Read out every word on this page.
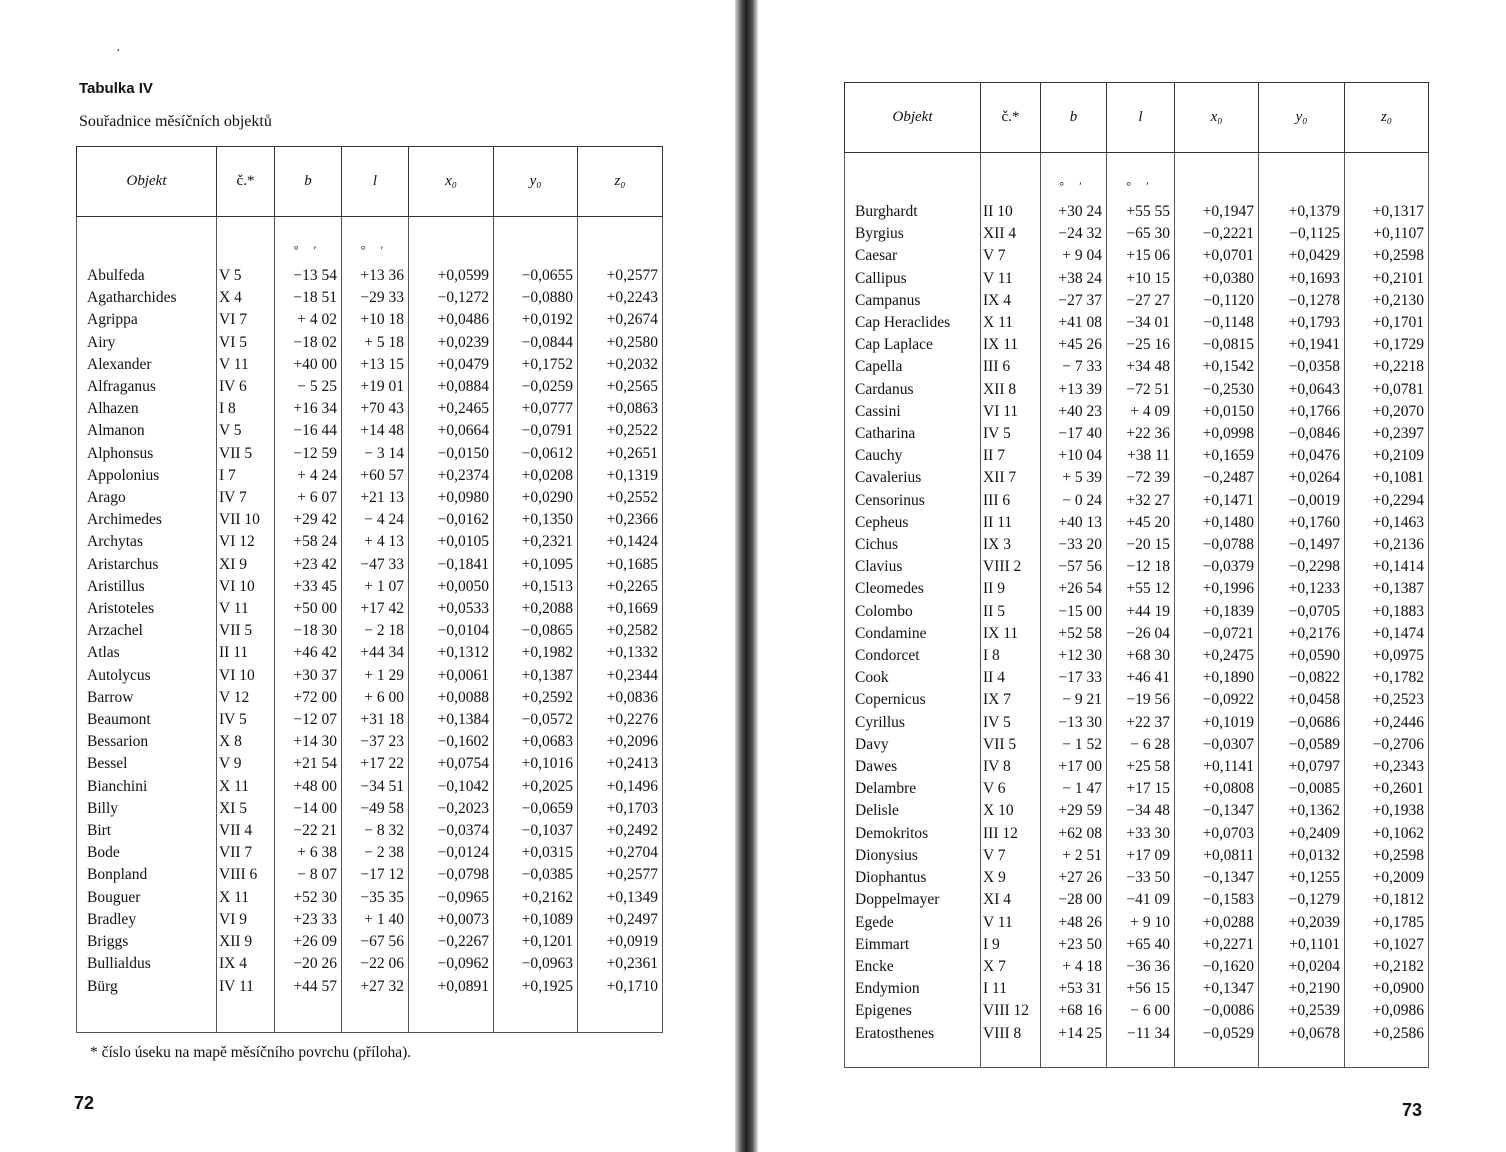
·
Tabulka IV
Souřadnice měsíčních objektů
Objekt	č.*	b	l	x₀	y₀	z₀
		° ′	° ′			
Abulfeda	V 5	−13 54	+13 36	+0,0599	−0,0655	+0,2577
Agatharchides	X 4	−18 51	−29 33	−0,1272	−0,0880	+0,2243
Agrippa	VI 7	+ 4 02	+10 18	+0,0486	+0,0192	+0,2674
Airy	VI 5	−18 02	+ 5 18	+0,0239	−0,0844	+0,2580
Alexander	V 11	+40 00	+13 15	+0,0479	+0,1752	+0,2032
Alfraganus	IV 6	− 5 25	+19 01	+0,0884	−0,0259	+0,2565
Alhazen	I 8	+16 34	+70 43	+0,2465	+0,0777	+0,0863
Almanon	V 5	−16 44	+14 48	+0,0664	−0,0791	+0,2522
Alphonsus	VII 5	−12 59	− 3 14	−0,0150	−0,0612	+0,2651
Appolonius	I 7	+ 4 24	+60 57	+0,2374	+0,0208	+0,1319
Arago	IV 7	+ 6 07	+21 13	+0,0980	+0,0290	+0,2552
Archimedes	VII 10	+29 42	− 4 24	−0,0162	+0,1350	+0,2366
Archytas	VI 12	+58 24	+ 4 13	+0,0105	+0,2321	+0,1424
Aristarchus	XI 9	+23 42	−47 33	−0,1841	+0,1095	+0,1685
Aristillus	VI 10	+33 45	+ 1 07	+0,0050	+0,1513	+0,2265
Aristoteles	V 11	+50 00	+17 42	+0,0533	+0,2088	+0,1669
Arzachel	VII 5	−18 30	− 2 18	−0,0104	−0,0865	+0,2582
Atlas	II 11	+46 42	+44 34	+0,1312	+0,1982	+0,1332
Autolycus	VI 10	+30 37	+ 1 29	+0,0061	+0,1387	+0,2344
Barrow	V 12	+72 00	+ 6 00	+0,0088	+0,2592	+0,0836
Beaumont	IV 5	−12 07	+31 18	+0,1384	−0,0572	+0,2276
Bessarion	X 8	+14 30	−37 23	−0,1602	+0,0683	+0,2096
Bessel	V 9	+21 54	+17 22	+0,0754	+0,1016	+0,2413
Bianchini	X 11	+48 00	−34 51	−0,1042	+0,2025	+0,1496
Billy	XI 5	−14 00	−49 58	−0,2023	−0,0659	+0,1703
Birt	VII 4	−22 21	− 8 32	−0,0374	−0,1037	+0,2492
Bode	VII 7	+ 6 38	− 2 38	−0,0124	+0,0315	+0,2704
Bonpland	VIII 6	− 8 07	−17 12	−0,0798	−0,0385	+0,2577
Bouguer	X 11	+52 30	−35 35	−0,0965	+0,2162	+0,1349
Bradley	VI 9	+23 33	+ 1 40	+0,0073	+0,1089	+0,2497
Briggs	XII 9	+26 09	−67 56	−0,2267	+0,1201	+0,0919
Bullialdus	IX 4	−20 26	−22 06	−0,0962	−0,0963	+0,2361
Bürg	IV 11	+44 57	+27 32	+0,0891	+0,1925	+0,1710

* číslo úseku na mapě měsíčního povrchu (příloha).
72
Objekt	č.*	b	l	x₀	y₀	z₀
		° ′	° ′			
Burghardt	II 10	+30 24	+55 55	+0,1947	+0,1379	+0,1317
Byrgius	XII 4	−24 32	−65 30	−0,2221	−0,1125	+0,1107
Caesar	V 7	+ 9 04	+15 06	+0,0701	+0,0429	+0,2598
Callipus	V 11	+38 24	+10 15	+0,0380	+0,1693	+0,2101
Campanus	IX 4	−27 37	−27 27	−0,1120	−0,1278	+0,2130
Cap Heraclides	X 11	+41 08	−34 01	−0,1148	+0,1793	+0,1701
Cap Laplace	IX 11	+45 26	−25 16	−0,0815	+0,1941	+0,1729
Capella	III 6	− 7 33	+34 48	+0,1542	−0,0358	+0,2218
Cardanus	XII 8	+13 39	−72 51	−0,2530	+0,0643	+0,0781
Cassini	VI 11	+40 23	+ 4 09	+0,0150	+0,1766	+0,2070
Catharina	IV 5	−17 40	+22 36	+0,0998	−0,0846	+0,2397
Cauchy	II 7	+10 04	+38 11	+0,1659	+0,0476	+0,2109
Cavalerius	XII 7	+ 5 39	−72 39	−0,2487	+0,0264	+0,1081
Censorinus	III 6	− 0 24	+32 27	+0,1471	−0,0019	+0,2294
Cepheus	II 11	+40 13	+45 20	+0,1480	+0,1760	+0,1463
Cichus	IX 3	−33 20	−20 15	−0,0788	−0,1497	+0,2136
Clavius	VIII 2	−57 56	−12 18	−0,0379	−0,2298	+0,1414
Cleomedes	II 9	+26 54	+55 12	+0,1996	+0,1233	+0,1387
Colombo	II 5	−15 00	+44 19	+0,1839	−0,0705	+0,1883
Condamine	IX 11	+52 58	−26 04	−0,0721	+0,2176	+0,1474
Condorcet	I 8	+12 30	+68 30	+0,2475	+0,0590	+0,0975
Cook	II 4	−17 33	+46 41	+0,1890	−0,0822	+0,1782
Copernicus	IX 7	− 9 21	−19 56	−0,0922	+0,0458	+0,2523
Cyrillus	IV 5	−13 30	+22 37	+0,1019	−0,0686	+0,2446
Davy	VII 5	− 1 52	− 6 28	−0,0307	−0,0589	−0,2706
Dawes	IV 8	+17 00	+25 58	+0,1141	+0,0797	+0,2343
Delambre	V 6	− 1 47	+17 15	+0,0808	−0,0085	+0,2601
Delisle	X 10	+29 59	−34 48	−0,1347	+0,1362	+0,1938
Demokritos	III 12	+62 08	+33 30	+0,0703	+0,2409	+0,1062
Dionysius	V 7	+ 2 51	+17 09	+0,0811	+0,0132	+0,2598
Diophantus	X 9	+27 26	−33 50	−0,1347	+0,1255	+0,2009
Doppelmayer	XI 4	−28 00	−41 09	−0,1583	−0,1279	+0,1812
Egede	V 11	+48 26	+ 9 10	+0,0288	+0,2039	+0,1785
Eimmart	I 9	+23 50	+65 40	+0,2271	+0,1101	+0,1027
Encke	X 7	+ 4 18	−36 36	−0,1620	+0,0204	+0,2182
Endymion	I 11	+53 31	+56 15	+0,1347	+0,2190	+0,0900
Epigenes	VIII 12	+68 16	− 6 00	−0,0086	+0,2539	+0,0986
Eratosthenes	VIII 8	+14 25	−11 34	−0,0529	+0,0678	+0,2586

73
